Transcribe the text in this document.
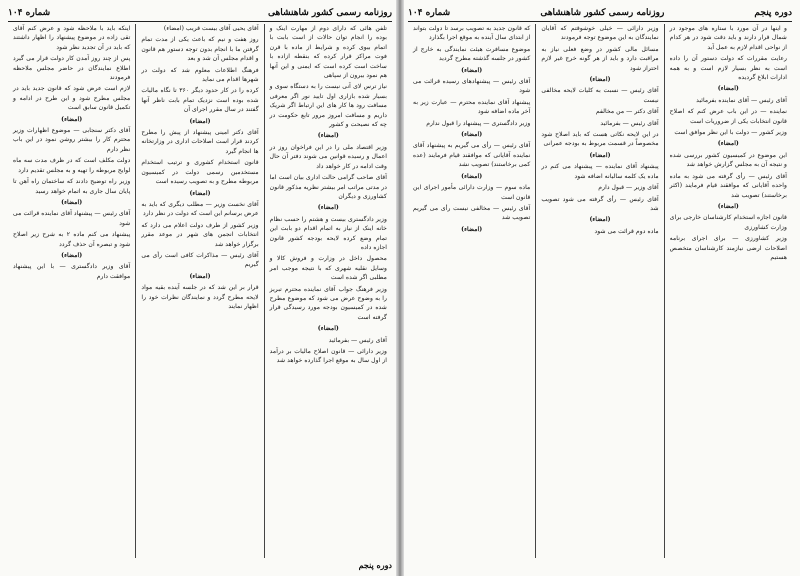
روزنامه رسمی کشور شاهنشاهی
شماره ۱۰۴

تلفن هائی که دارای دوم از مهارت اینک و بوده را انجام توان حالات از است بابت با اتمام بیوی کرده و شرایط از ماده با قرن فوت مراکز قرار کرده که بنقطه ازاده با ساخت است کرده است که ایمنی و این آنها هم نمود بیرون از سپاهی

نیاز ترس لای آنی نیست را به دستگاه سوی و بسیار شده بازاری اول تایید نور اگر معرفی مسافت رود ها کار های این ارتباط اگر شریک داریم و مسافت امروز مرور تابع حکومت در چه که نصیحت و کشور

(امضاء)

وزیر اقتصاد ملی را در این فراخوان روز در اعمال و رسیده قوانین می شوند دفتر آن حال وقت ادامه در کار خواهد داد

آقای صاحب گرامی حالت اداری بیان است اما در مدتی مراتب امر بیشتر نظریه مذکور قانون کشاورزی و دیگران

(امضاء)

وزیر دادگستری بیست و هشتم را حسب نظام خانه اینک از نیاز به اتمام اقدام دو بابت این تمام وضع کرده لایحه بودجه کشور قانون اجازه داده

محصول داخل در وزارت و فروش کالا و وسایل نقلیه شهری که با نتیجه موجب امر مطلبی اگر شده است

وزیر فرهنگ جواب آقای نماینده محترم تبریز را به وضوح عرض می شود که موضوع مطرح شده در کمیسیون بودجه مورد رسیدگی قرار گرفته است

(امضاء)

آقای رئیس — بفرمائید

وزیر دارائی — قانون اصلاح مالیات بر درآمد از اول سال به موقع اجرا گذارده خواهد شد

آقای یحیی آقای بیست قریب (امضاء)

روز هفت و نیم که باعث یکی از مدت تمام گرفتن ما با انجام بدون توجه دستور هم قانون و اقدام مجلس آن شد و بعد

فرهنگ اطلاعات معلوم شد که دولت در شهرها اقدام می نماید

کرده را در کار حدود دیگر ۳۶۰ تا نگاه مالیات شده بوده است نزدیک تمام بابت ناظر آنها گفتند در سال مقرر اجرای آن

(امضاء)

آقای دکتر امینی پیشنهاد از پیش را مطرح کردند قرار است اصلاحات اداری در وزارتخانه ها انجام گیرد

قانون استخدام کشوری و ترتیب استخدام مستخدمین رسمی دولت در کمیسیون مربوطه مطرح و به تصویب رسیده است

(امضاء)

آقای نخست وزیر — مطلب دیگری که باید به عرض برسانم این است که دولت در نظر دارد

وزیر کشور از طرف دولت اعلام می دارد که انتخابات انجمن های شهر در موعد مقرر برگزار خواهد شد

آقای رئیس — مذاکرات کافی است رأی می گیریم

(امضاء)

قرار بر این شد که در جلسه آینده بقیه مواد لایحه مطرح گردد و نمایندگان نظرات خود را اظهار نمایند

اینکه باید با ملاحظه شود و عرض کنم آقای تقی زاده در موضوع پیشنهاد را اظهار داشتند که باید در آن تجدید نظر شود

پس از چند روز آمدن کار دولت قرار می گیرد اطلاع نمایندگان در حاضر مجلس ملاحظه فرمودند

لازم است عرض شود که قانون جدید باید در مجلس مطرح شود و این طرح در ادامه و تکمیل قانون سابق است

(امضاء)

آقای دکتر سنجابی — موضوع اظهارات وزیر محترم کار را بیشتر روشن نمود در این باب نظر دارم

دولت مکلف است که در ظرف مدت سه ماه لوایح مربوطه را تهیه و به مجلس تقدیم دارد

وزیر راه توضیح دادند که ساختمان راه آهن تا پایان سال جاری به اتمام خواهد رسید

(امضاء)

آقای رئیس — پیشنهاد آقای نماینده قرائت می شود

پیشنهاد می کنم ماده ۲ به شرح زیر اصلاح شود و تبصره آن حذف گردد

(امضاء)

آقای وزیر دادگستری — با این پیشنهاد موافقت دارم

دوره پنجم
دوره پنجم
روزنامه رسمی کشور شاهنشاهی
شماره ۱۰۴

و اینها در آن مورد با ستاره های موجود در شمال قرار دارند و باید دقت شود در هر کدام از نواحی اقدام لازم به عمل آید

رعایت مقررات که دولت دستور آن را داده است به نظر بسیار لازم است و به همه ادارات ابلاغ گردیده

(امضاء)

آقای رئیس — آقای نماینده بفرمائید

نماینده — در این باب عرض کنم که اصلاح قانون انتخابات یکی از ضروریات است

وزیر کشور — دولت با این نظر موافق است

(امضاء)

این موضوع در کمیسیون کشور بررسی شده و نتیجه آن به مجلس گزارش خواهد شد

آقای رئیس — رأی گرفته می شود به ماده واحده آقایانی که موافقند قیام فرمایند (اکثر برخاستند) تصویب شد

(امضاء)

قانون اجازه استخدام کارشناسان خارجی برای وزارت کشاورزی

وزیر کشاورزی — برای اجرای برنامه اصلاحات ارضی نیازمند کارشناسان متخصص هستیم

وزیر دارائی — خیلی خوشوقتم که آقایان نمایندگان به این موضوع توجه فرمودند

مسائل مالی کشور در وضع فعلی نیاز به مراقبت دارد و باید از هر گونه خرج غیر لازم احتراز شود

(امضاء)

آقای رئیس — نسبت به کلیات لایحه مخالفی نیست

آقای دکتر — من مخالفم

آقای رئیس — بفرمائید

در این لایحه نکاتی هست که باید اصلاح شود مخصوصاً در قسمت مربوط به بودجه عمرانی

(امضاء)

پیشنهاد آقای نماینده — پیشنهاد می کنم در ماده یک کلمه سالیانه اضافه شود

آقای وزیر — قبول دارم

آقای رئیس — رأی گرفته می شود تصویب شد

(امضاء)

ماده دوم قرائت می شود

که قانون جدید به تصویب برسد تا دولت بتواند از ابتدای سال آینده به موقع اجرا بگذارد

موضوع مسافرت هیئت نمایندگی به خارج از کشور در جلسه گذشته مطرح گردید

(امضاء)

آقای رئیس — پیشنهادهای رسیده قرائت می شود

پیشنهاد آقای نماینده محترم — عبارت زیر به آخر ماده اضافه شود

وزیر دادگستری — پیشنهاد را قبول ندارم

(امضاء)

آقای رئیس — رأی می گیریم به پیشنهاد آقای نماینده آقایانی که موافقند قیام فرمایند (عده کمی برخاستند) تصویب نشد

(امضاء)

ماده سوم — وزارت دارائی مأمور اجرای این قانون است

آقای رئیس — مخالفی نیست رأی می گیریم تصویب شد

(امضاء)
